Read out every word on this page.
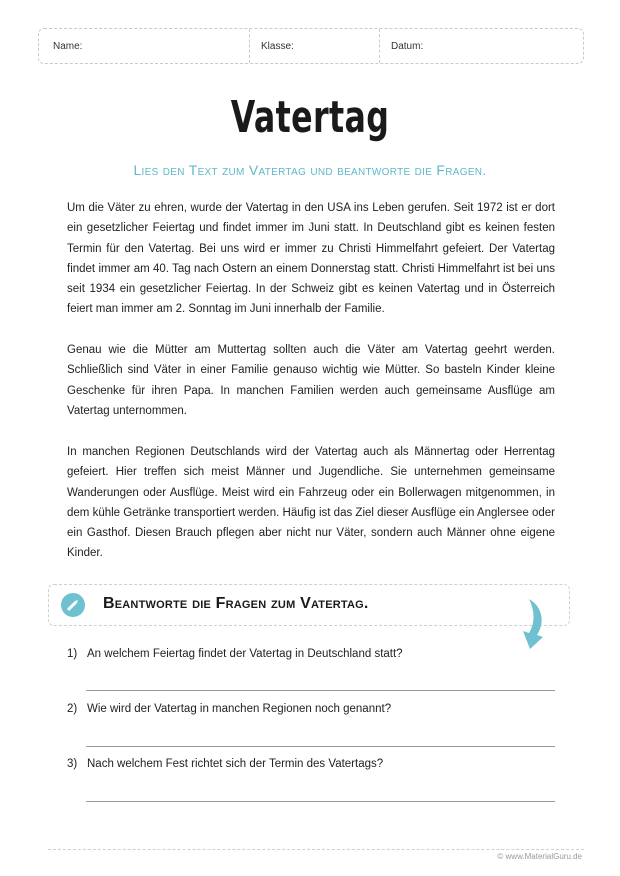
Name:	Klasse:	Datum:
Vatertag
Lies den Text zum Vatertag und beantworte die Fragen.
Um die Väter zu ehren, wurde der Vatertag in den USA ins Leben gerufen. Seit 1972 ist er dort ein gesetzlicher Feiertag und findet immer im Juni statt. In Deutschland gibt es keinen festen Termin für den Vatertag. Bei uns wird er immer zu Christi Himmelfahrt gefeiert. Der Vatertag findet immer am 40. Tag nach Ostern an einem Donnerstag statt. Christi Himmelfahrt ist bei uns seit 1934 ein gesetzlicher Feiertag. In der Schweiz gibt es keinen Vatertag und in Österreich feiert man immer am 2. Sonntag im Juni innerhalb der Familie.
Genau wie die Mütter am Muttertag sollten auch die Väter am Vatertag geehrt werden. Schließlich sind Väter in einer Familie genauso wichtig wie Mütter. So basteln Kinder kleine Geschenke für ihren Papa. In manchen Familien werden auch gemeinsame Ausflüge am Vatertag unternommen.
In manchen Regionen Deutschlands wird der Vatertag auch als Männertag oder Herrentag gefeiert. Hier treffen sich meist Männer und Jugendliche. Sie unternehmen gemeinsame Wanderungen oder Ausflüge. Meist wird ein Fahrzeug oder ein Bollerwagen mitgenommen, in dem kühle Getränke transportiert werden. Häufig ist das Ziel dieser Ausflüge ein Anglersee oder ein Gasthof. Diesen Brauch pflegen aber nicht nur Väter, sondern auch Männer ohne eigene Kinder.
Beantworte die Fragen zum Vatertag.
1) An welchem Feiertag findet der Vatertag in Deutschland statt?
2) Wie wird der Vatertag in manchen Regionen noch genannt?
3) Nach welchem Fest richtet sich der Termin des Vatertags?
© www.MaterialGuru.de
